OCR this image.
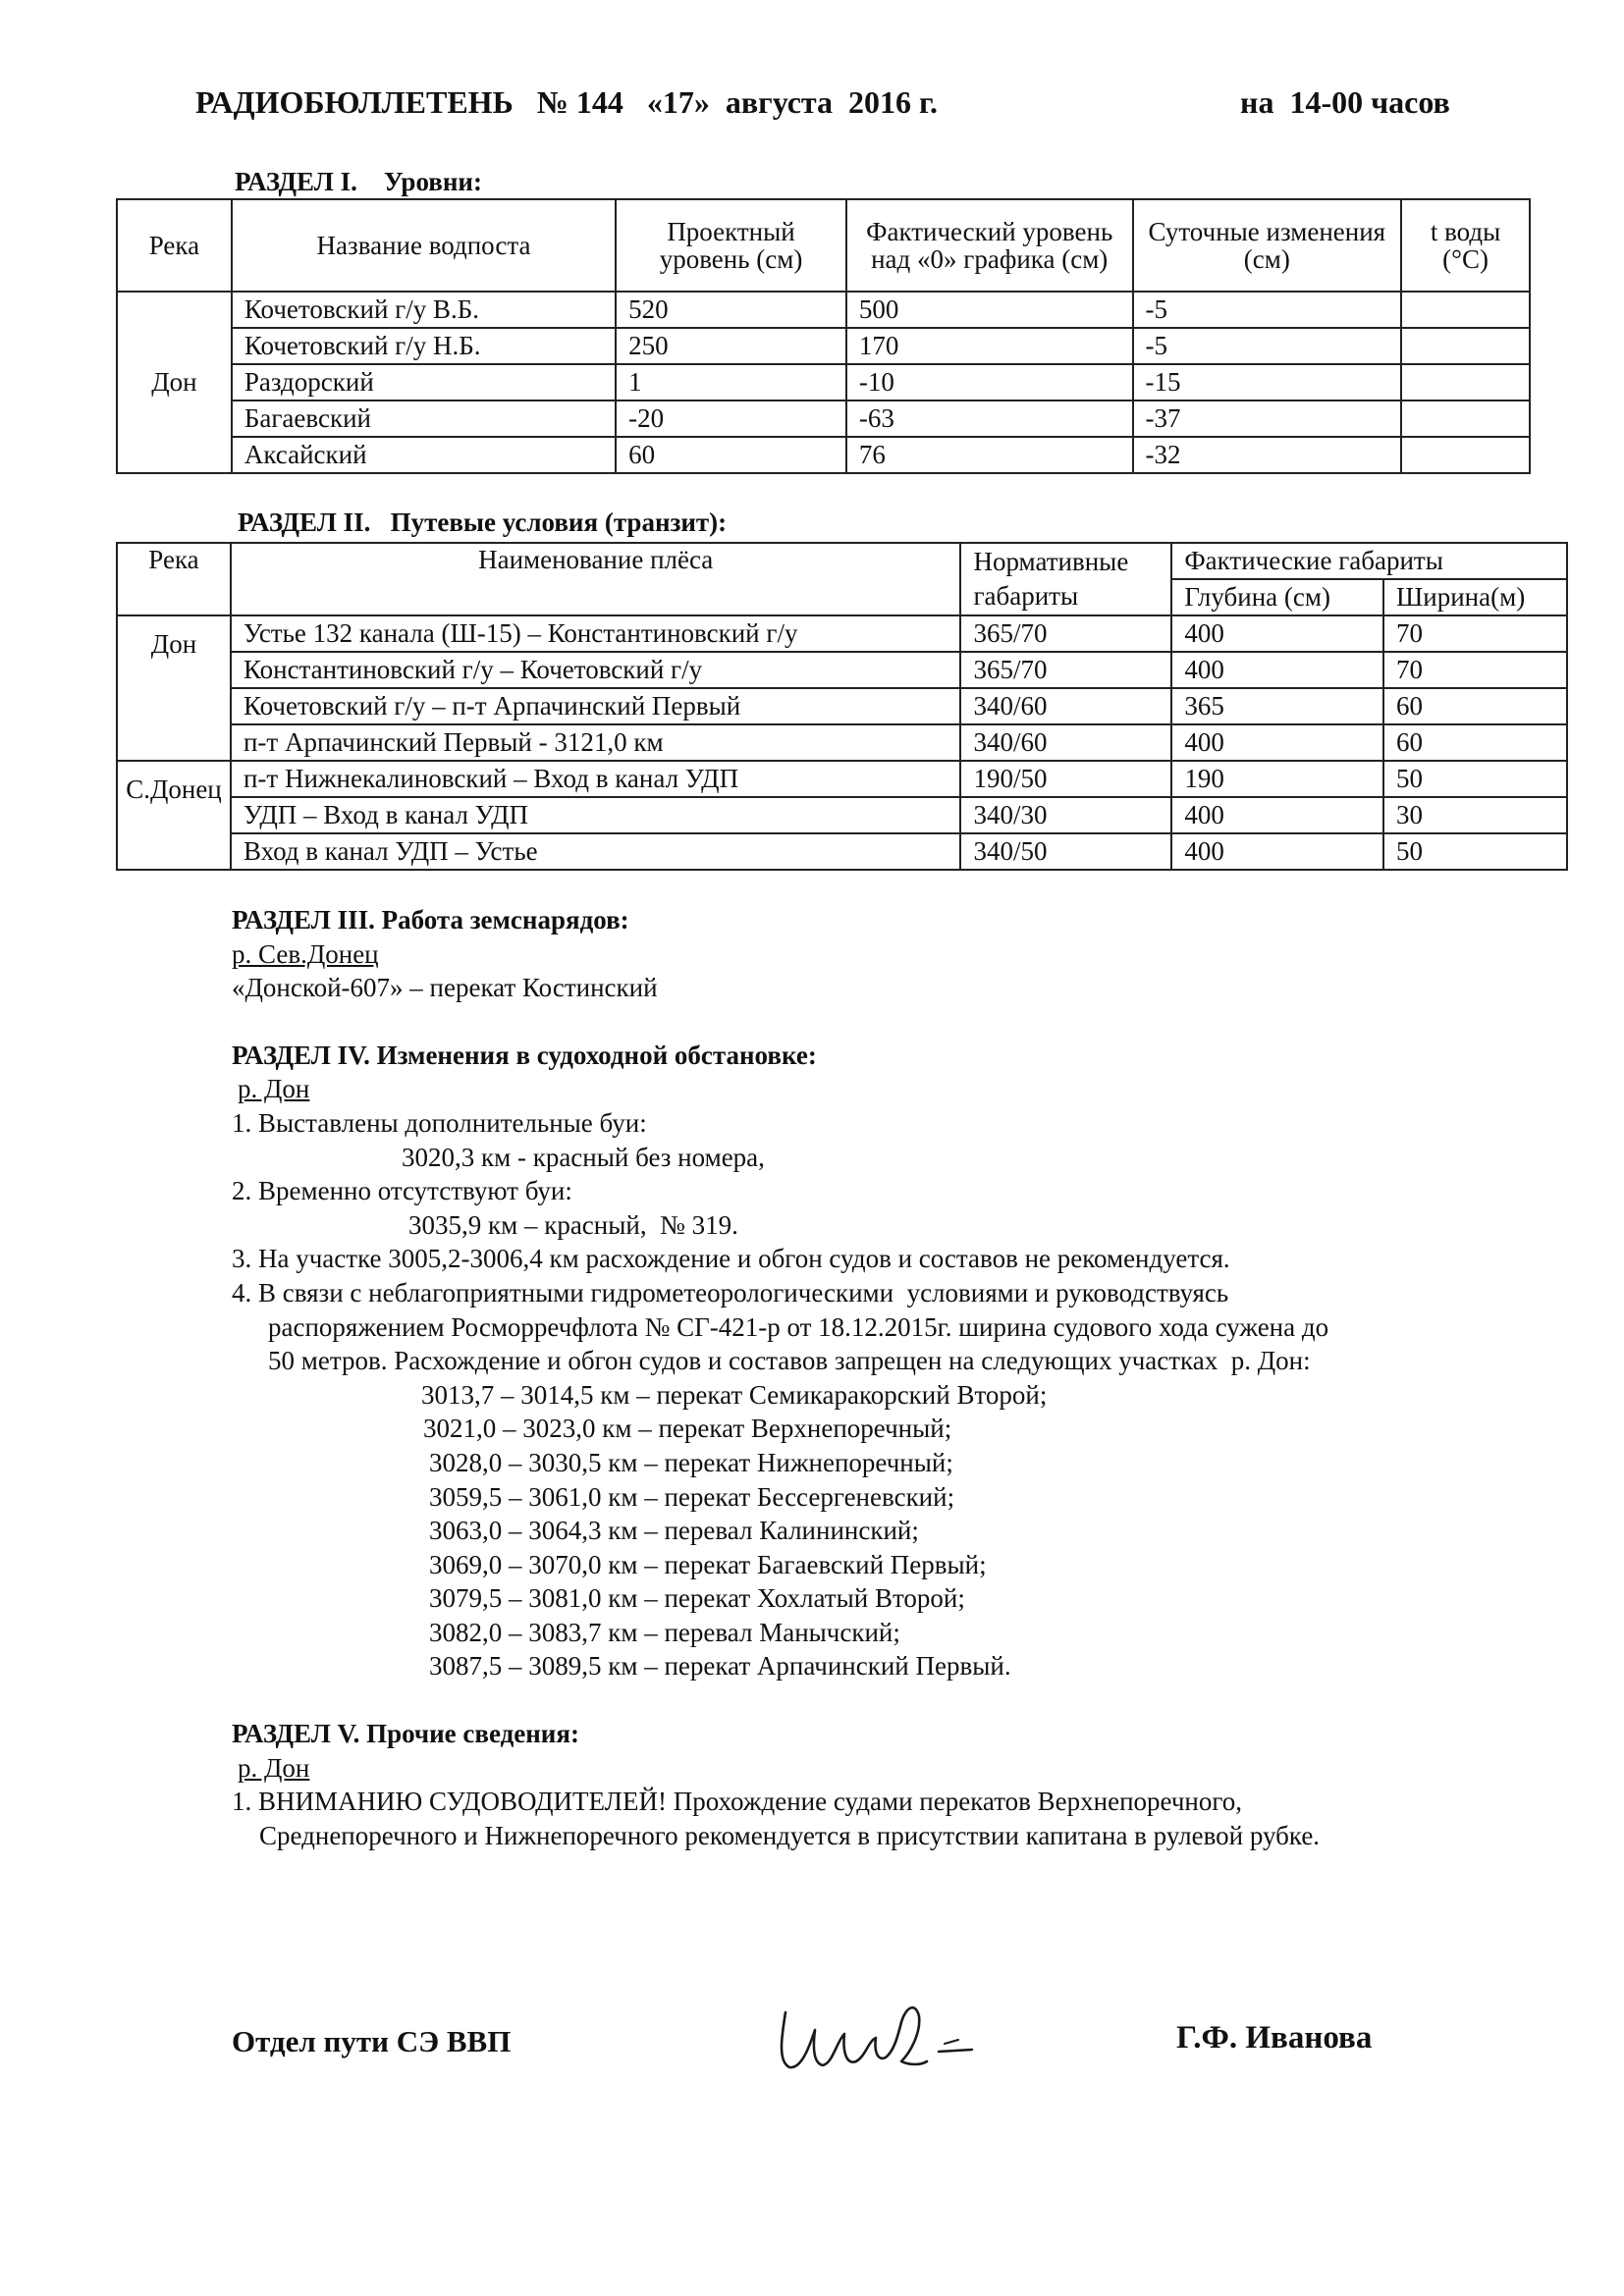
РАДИОБЮЛЛЕТЕНЬ   № 144   «17»  августа  2016 г.	на  14-00 часов
РАЗДЕЛ I.    Уровни:
Река	Название водпоста	Проектный уровень (см)	Фактический уровень над «0» графика (см)	Суточные изменения (см)	t воды
(°С)

Дон	Кочетовский г/у В.Б.	520	500	-5	
	Кочетовский г/у Н.Б.	250	170	-5	
	Раздорский	1	-10	-15	
	Багаевский	-20	-63	-37	
	Аксайский	60	76	-32	
РАЗДЕЛ II.   Путевые условия (транзит):
Река	Наименование плёса	Нормативные габариты	Фактические габариты	
			Глубина (см)	Ширина(м)
Дон	Устье 132 канала (Ш-15) – Константиновский г/у	365/70	400	70
	Константиновский г/у – Кочетовский г/у	365/70	400	70
	Кочетовский г/у – п-т Арпачинский Первый	340/60	365	60
	п-т Арпачинский Первый - 3121,0 км	340/60	400	60
С.Донец	п-т Нижнекалиновский – Вход в канал УДП	190/50	190	50
	УДП – Вход в канал УДП	340/30	400	30
	Вход в канал УДП – Устье	340/50	400	50
РАЗДЕЛ III. Работа земснарядов:
р. Сев.Донец
«Донской-607» – перекат Костинский
РАЗДЕЛ IV. Изменения в судоходной обстановке:
р. Дон
1. Выставлены дополнительные буи:
3020,3 км - красный без номера,
2. Временно отсутствуют буи:
3035,9 км – красный,  № 319.
3. На участке 3005,2-3006,4 км расхождение и обгон судов и составов не рекомендуется.
4. В связи с неблагоприятными гидрометеорологическими  условиями и руководствуясь
распоряжением Росморречфлота № СГ-421-р от 18.12.2015г. ширина судового хода сужена до
50 метров. Расхождение и обгон судов и составов запрещен на следующих участках  р. Дон:
3013,7 – 3014,5 км – перекат Семикаракорский Второй;
3021,0 – 3023,0 км – перекат Верхнепоречный;
3028,0 – 3030,5 км – перекат Нижнепоречный;
3059,5 – 3061,0 км – перекат Бессергеневский;
3063,0 – 3064,3 км – перевал Калининский;
3069,0 – 3070,0 км – перекат Багаевский Первый;
3079,5 – 3081,0 км – перекат Хохлатый Второй;
3082,0 – 3083,7 км – перевал Манычский;
3087,5 – 3089,5 км – перекат Арпачинский Первый.
РАЗДЕЛ V. Прочие сведения:
р. Дон
1. ВНИМАНИЮ СУДОВОДИТЕЛЕЙ! Прохождение судами перекатов Верхнепоречного,
Среднепоречного и Нижнепоречного рекомендуется в присутствии капитана в рулевой рубке.
Отдел пути СЭ ВВП	Г.Ф. Иванова
